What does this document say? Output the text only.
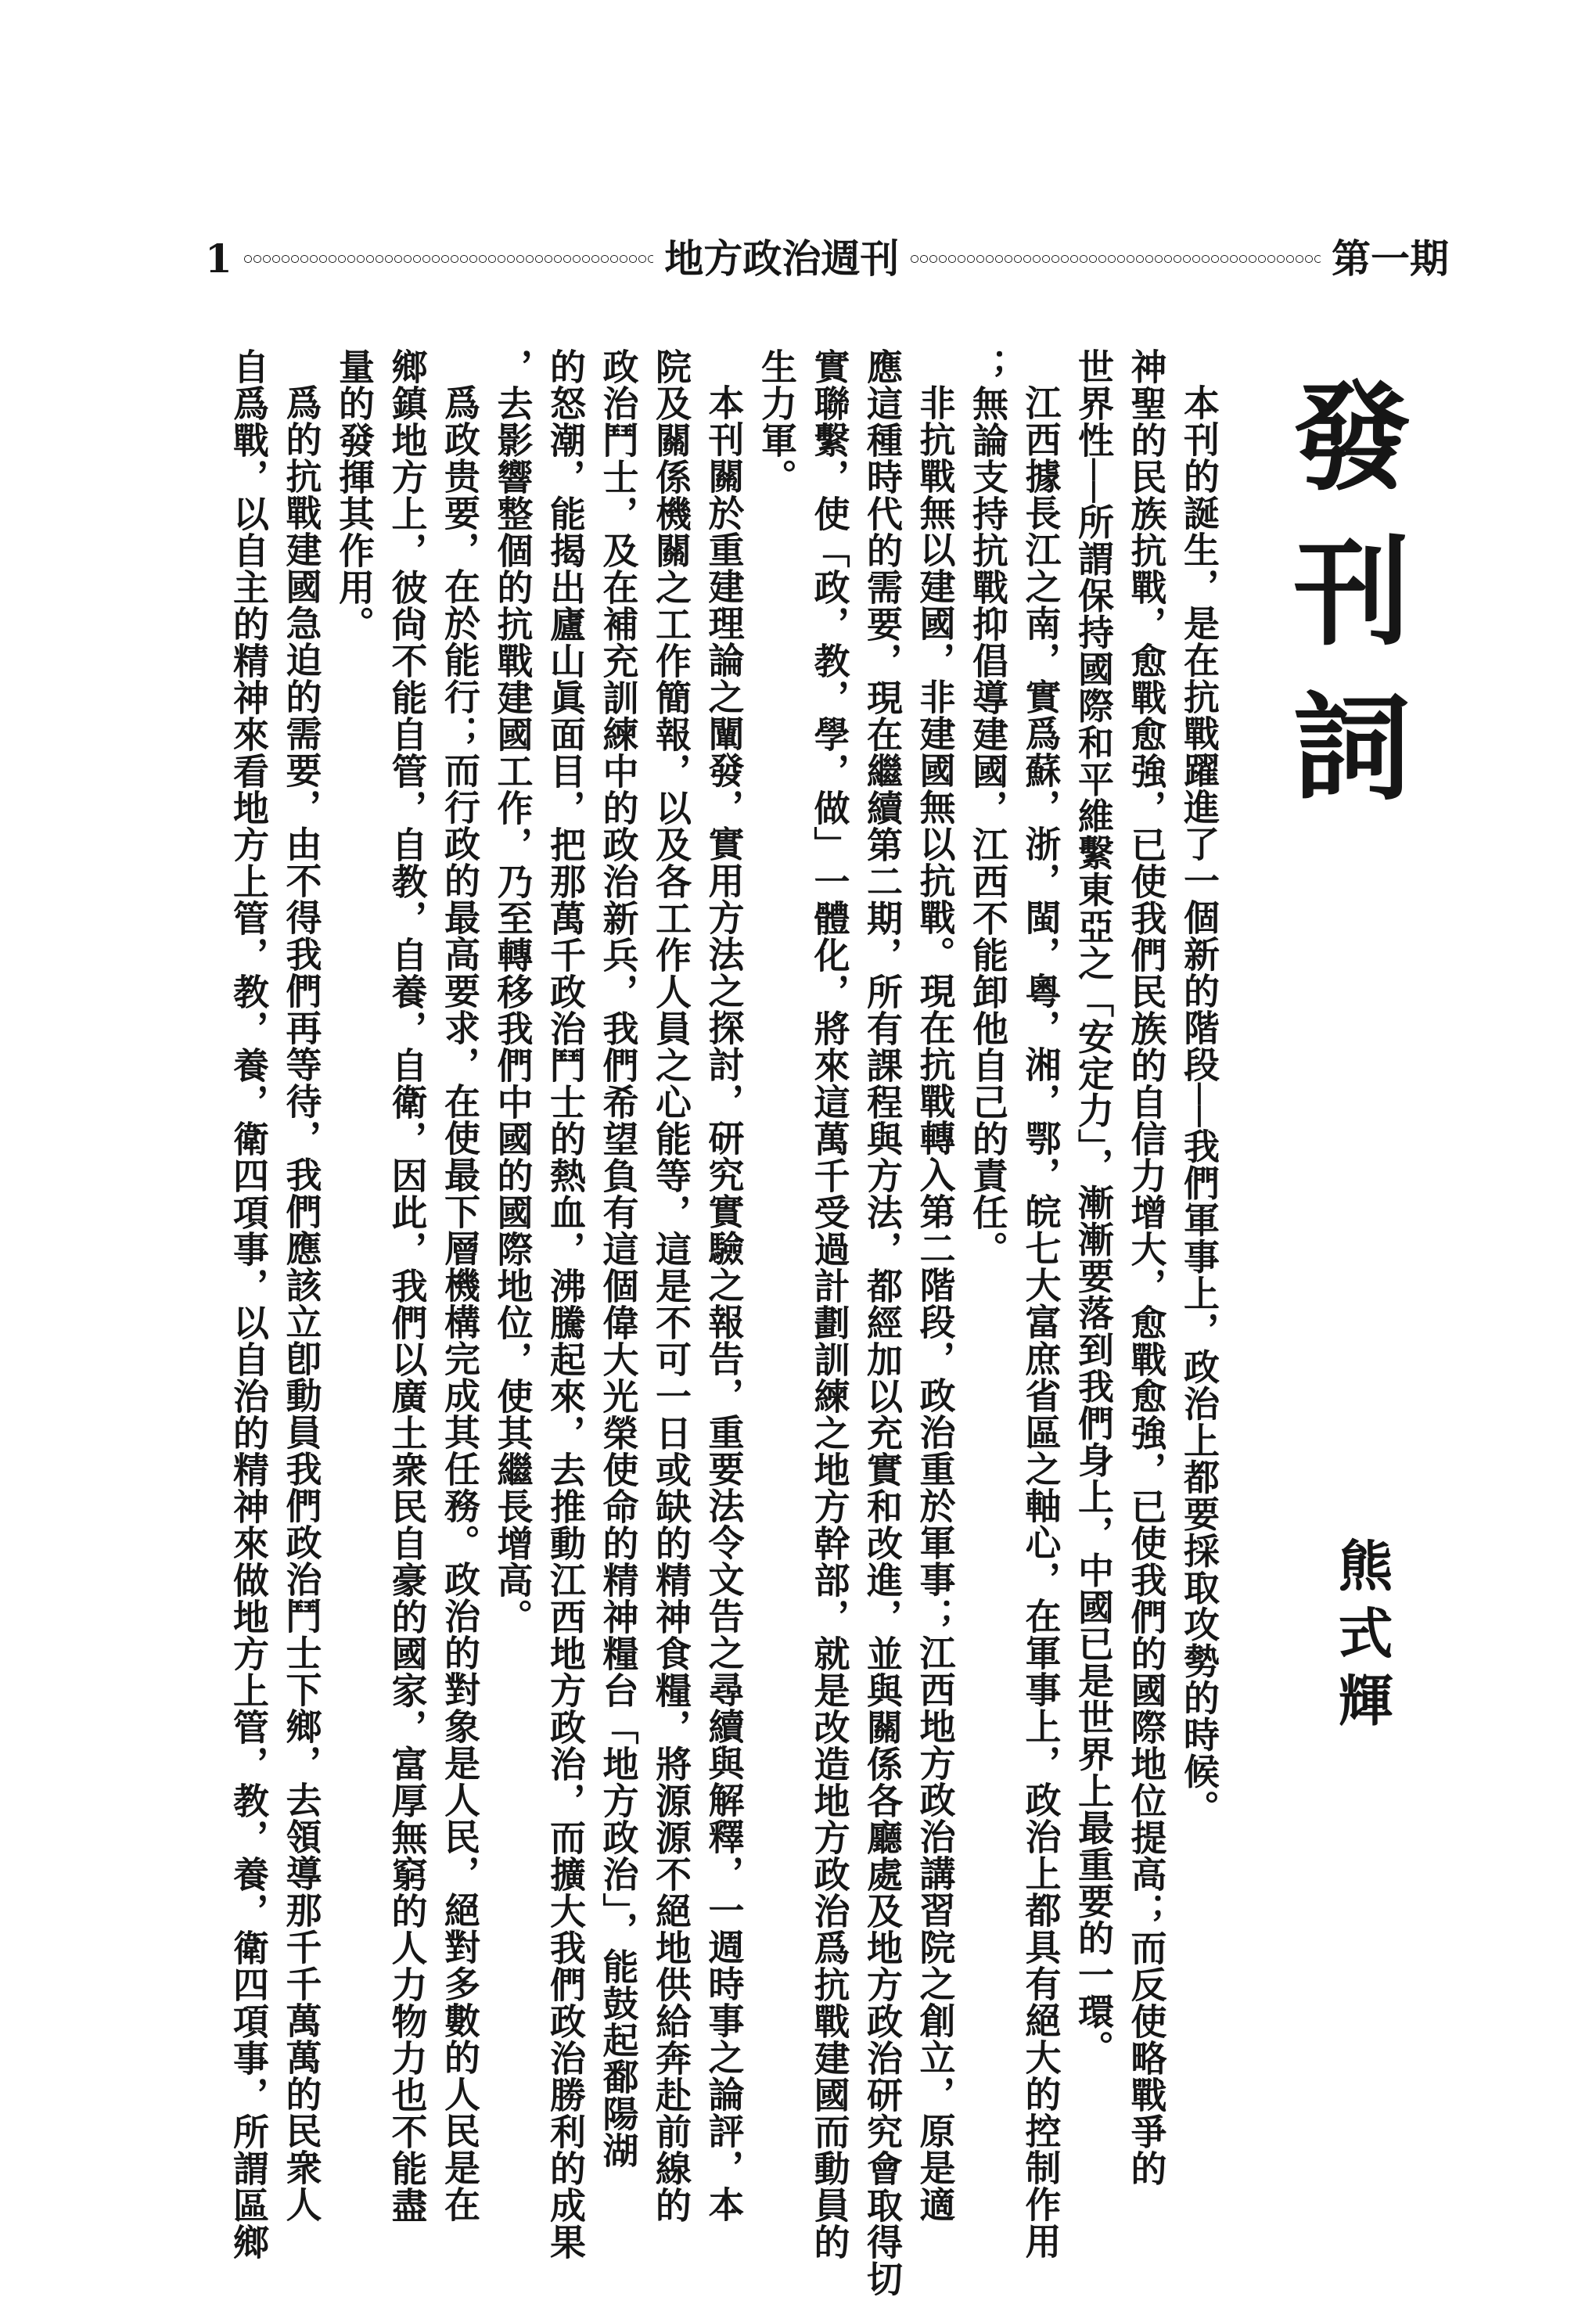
1	地方政治週刊	第一期
發刊詞
熊式輝
本刊的誕生，是在抗戰躍進了一個新的階段──我們軍事上，政治上都要採取攻勢的時候。
神聖的民族抗戰，愈戰愈強，已使我們民族的自信力增大，愈戰愈強，已使我們的國際地位提高；而反使略戰爭的
世界性──所謂保持國際和平維繫東亞之「安定力」，漸漸要落到我們身上，中國已是世界上最重要的一環。
江西據長江之南，實爲蘇，浙，閩，粵，湘，鄂，皖七大富庶省區之軸心，在軍事上，政治上都具有絕大的控制作用
；無論支持抗戰抑倡導建國，江西不能卸他自己的責任。
非抗戰無以建國，非建國無以抗戰。現在抗戰轉入第二階段，政治重於軍事；江西地方政治講習院之創立，原是適
應這種時代的需要，現在繼續第二期，所有課程與方法，都經加以充實和改進，並與關係各廳處及地方政治研究會取得切
實聯繫，使「政，教，學，做」一體化，將來這萬千受過計劃訓練之地方幹部，就是改造地方政治爲抗戰建國而動員的
生力軍。
本刊關於重建理論之闡發，實用方法之探討，研究實驗之報告，重要法令文告之尋續與解釋，一週時事之論評，本
院及關係機關之工作簡報，以及各工作人員之心能等，這是不可一日或缺的精神食糧，將源源不絕地供給奔赴前線的
政治鬥士，及在補充訓練中的政治新兵，我們希望負有這個偉大光榮使命的精神糧台「地方政治」，能鼓起鄱陽湖
的怒潮，能揭出廬山眞面目，把那萬千政治鬥士的熱血，沸騰起來，去推動江西地方政治，而擴大我們政治勝利的成果
，去影響整個的抗戰建國工作，乃至轉移我們中國的國際地位，使其繼長增高。
爲政贵要，在於能行；而行政的最高要求，在使最下層機構完成其任務。政治的對象是人民，絕對多數的人民是在
鄉鎮地方上，彼尙不能自管，自教，自養，自衛，因此，我們以廣土衆民自豪的國家，富厚無窮的人力物力也不能盡
量的發揮其作用。
爲的抗戰建國急迫的需要，由不得我們再等待，我們應該立卽動員我們政治鬥士下鄉，去領導那千千萬萬的民衆人
自爲戰，以自主的精神來看地方上管，教，養，衛四項事，以自治的精神來做地方上管，教，養，衛四項事，所謂區鄉
